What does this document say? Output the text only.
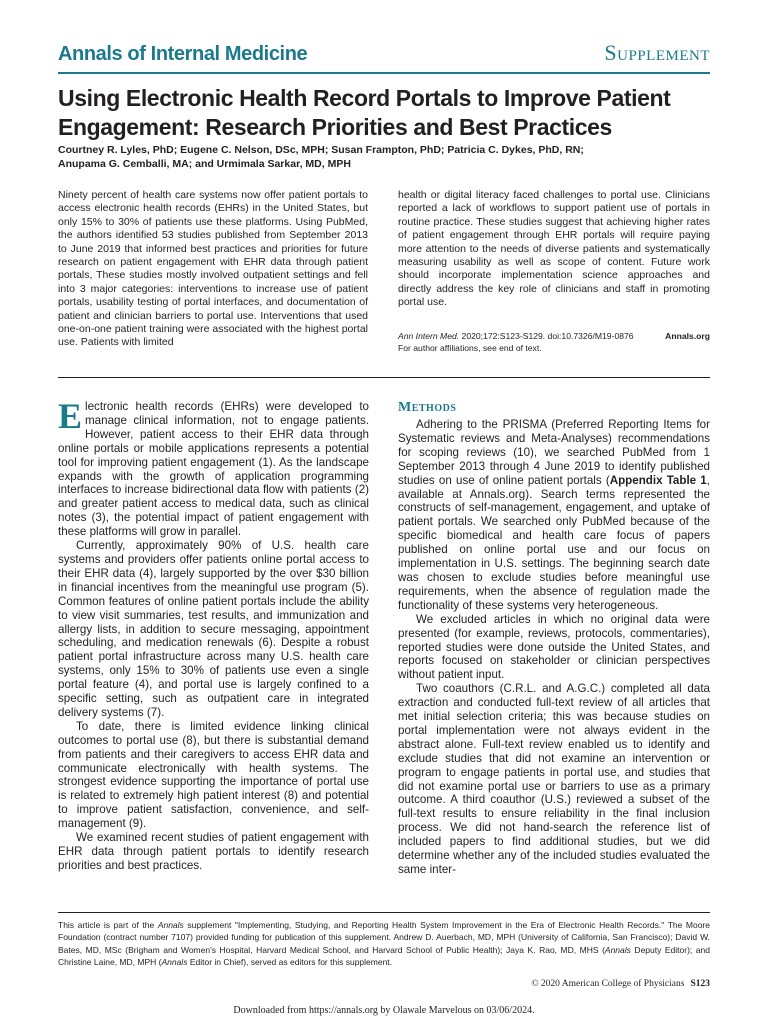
Annals of Internal Medicine	Supplement
Using Electronic Health Record Portals to Improve Patient Engagement: Research Priorities and Best Practices
Courtney R. Lyles, PhD; Eugene C. Nelson, DSc, MPH; Susan Frampton, PhD; Patricia C. Dykes, PhD, RN;
Anupama G. Cemballi, MA; and Urmimala Sarkar, MD, MPH
Ninety percent of health care systems now offer patient portals to access electronic health records (EHRs) in the United States, but only 15% to 30% of patients use these platforms. Using PubMed, the authors identified 53 studies published from September 2013 to June 2019 that informed best practices and priorities for future research on patient engagement with EHR data through patient portals, These studies mostly involved outpatient settings and fell into 3 major categories: interventions to increase use of patient portals, usability testing of portal interfaces, and documentation of patient and clinician barriers to portal use. Interventions that used one-on-one patient training were associated with the highest portal use. Patients with limited
health or digital literacy faced challenges to portal use. Clinicians reported a lack of workflows to support patient use of portals in routine practice. These studies suggest that achieving higher rates of patient engagement through EHR portals will require paying more attention to the needs of diverse patients and systematically measuring usability as well as scope of content. Future work should incorporate implementation science approaches and directly address the key role of clinicians and staff in promoting portal use.
Ann Intern Med. 2020;172:S123-S129. doi:10.7326/M19-0876	Annals.org
For author affiliations, see end of text.

Electronic health records (EHRs) were developed to manage clinical information, not to engage patients. However, patient access to their EHR data through online portals or mobile applications represents a potential tool for improving patient engagement (1). As the landscape expands with the growth of application programming interfaces to increase bidirectional data flow with patients (2) and greater patient access to medical data, such as clinical notes (3), the potential impact of patient engagement with these platforms will grow in parallel.

Currently, approximately 90% of U.S. health care systems and providers offer patients online portal access to their EHR data (4), largely supported by the over $30 billion in financial incentives from the meaningful use program (5). Common features of online patient portals include the ability to view visit summaries, test results, and immunization and allergy lists, in addition to secure messaging, appointment scheduling, and medication renewals (6). Despite a robust patient portal infrastructure across many U.S. health care systems, only 15% to 30% of patients use even a single portal feature (4), and portal use is largely confined to a specific setting, such as outpatient care in integrated delivery systems (7).

To date, there is limited evidence linking clinical outcomes to portal use (8), but there is substantial demand from patients and their caregivers to access EHR data and communicate electronically with health systems. The strongest evidence supporting the importance of portal use is related to extremely high patient interest (8) and potential to improve patient satisfaction, convenience, and self-management (9).

We examined recent studies of patient engagement with EHR data through patient portals to identify research priorities and best practices.

Methods

Adhering to the PRISMA (Preferred Reporting Items for Systematic reviews and Meta-Analyses) recommendations for scoping reviews (10), we searched PubMed from 1 September 2013 through 4 June 2019 to identify published studies on use of online patient portals (Appendix Table 1, available at Annals.org). Search terms represented the constructs of self-management, engagement, and uptake of patient portals. We searched only PubMed because of the specific biomedical and health care focus of papers published on online portal use and our focus on implementation in U.S. settings. The beginning search date was chosen to exclude studies before meaningful use requirements, when the absence of regulation made the functionality of these systems very heterogeneous.

We excluded articles in which no original data were presented (for example, reviews, protocols, commentaries), reported studies were done outside the United States, and reports focused on stakeholder or clinician perspectives without patient input.

Two coauthors (C.R.L. and A.G.C.) completed all data extraction and conducted full-text review of all articles that met initial selection criteria; this was because studies on portal implementation were not always evident in the abstract alone. Full-text review enabled us to identify and exclude studies that did not examine an intervention or program to engage patients in portal use, and studies that did not examine portal use or barriers to use as a primary outcome. A third coauthor (U.S.) reviewed a subset of the full-text results to ensure reliability in the final inclusion process. We did not hand-search the reference list of included papers to find additional studies, but we did determine whether any of the included studies evaluated the same inter-

This article is part of the Annals supplement "Implementing, Studying, and Reporting Health System Improvement in the Era of Electronic Health Records." The Moore Foundation (contract number 7107) provided funding for publication of this supplement. Andrew D. Auerbach, MD, MPH (University of California, San Francisco); David W. Bates, MD, MSc (Brigham and Women's Hospital, Harvard Medical School, and Harvard School of Public Health); Jaya K. Rao, MD, MHS (Annals Deputy Editor); and Christine Laine, MD, MPH (Annals Editor in Chief), served as editors for this supplement.
© 2020 American College of Physicians S123
Downloaded from https://annals.org by Olawale Marvelous on 03/06/2024.
